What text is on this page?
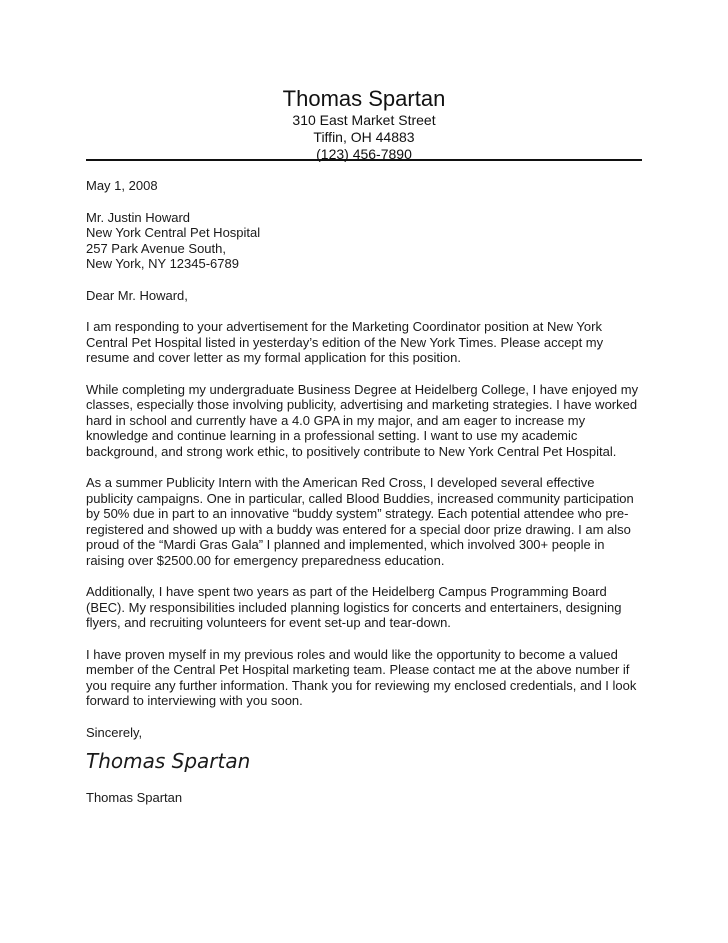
Thomas Spartan
310 East Market Street
Tiffin, OH 44883
(123) 456-7890
May 1, 2008
Mr. Justin Howard
New York Central Pet Hospital
257 Park Avenue South,
New York, NY 12345-6789
Dear Mr. Howard,
I am responding to your advertisement for the Marketing Coordinator position at New York
Central Pet Hospital listed in yesterday’s edition of the New York Times. Please accept my
resume and cover letter as my formal application for this position.
While completing my undergraduate Business Degree at Heidelberg College, I have enjoyed my
classes, especially those involving publicity, advertising and marketing strategies. I have worked
hard in school and currently have a 4.0 GPA in my major, and am eager to increase my
knowledge and continue learning in a professional setting. I want to use my academic
background, and strong work ethic, to positively contribute to New York Central Pet Hospital.
As a summer Publicity Intern with the American Red Cross, I developed several effective
publicity campaigns. One in particular, called Blood Buddies, increased community participation
by 50% due in part to an innovative “buddy system” strategy. Each potential attendee who pre-
registered and showed up with a buddy was entered for a special door prize drawing. I am also
proud of the “Mardi Gras Gala” I planned and implemented, which involved 300+ people in
raising over $2500.00 for emergency preparedness education.
Additionally, I have spent two years as part of the Heidelberg Campus Programming Board
(BEC). My responsibilities included planning logistics for concerts and entertainers, designing
flyers, and recruiting volunteers for event set-up and tear-down.
I have proven myself in my previous roles and would like the opportunity to become a valued
member of the Central Pet Hospital marketing team. Please contact me at the above number if
you require any further information. Thank you for reviewing my enclosed credentials, and I look
forward to interviewing with you soon.
Sincerely,
Thomas Spartan
Thomas Spartan
